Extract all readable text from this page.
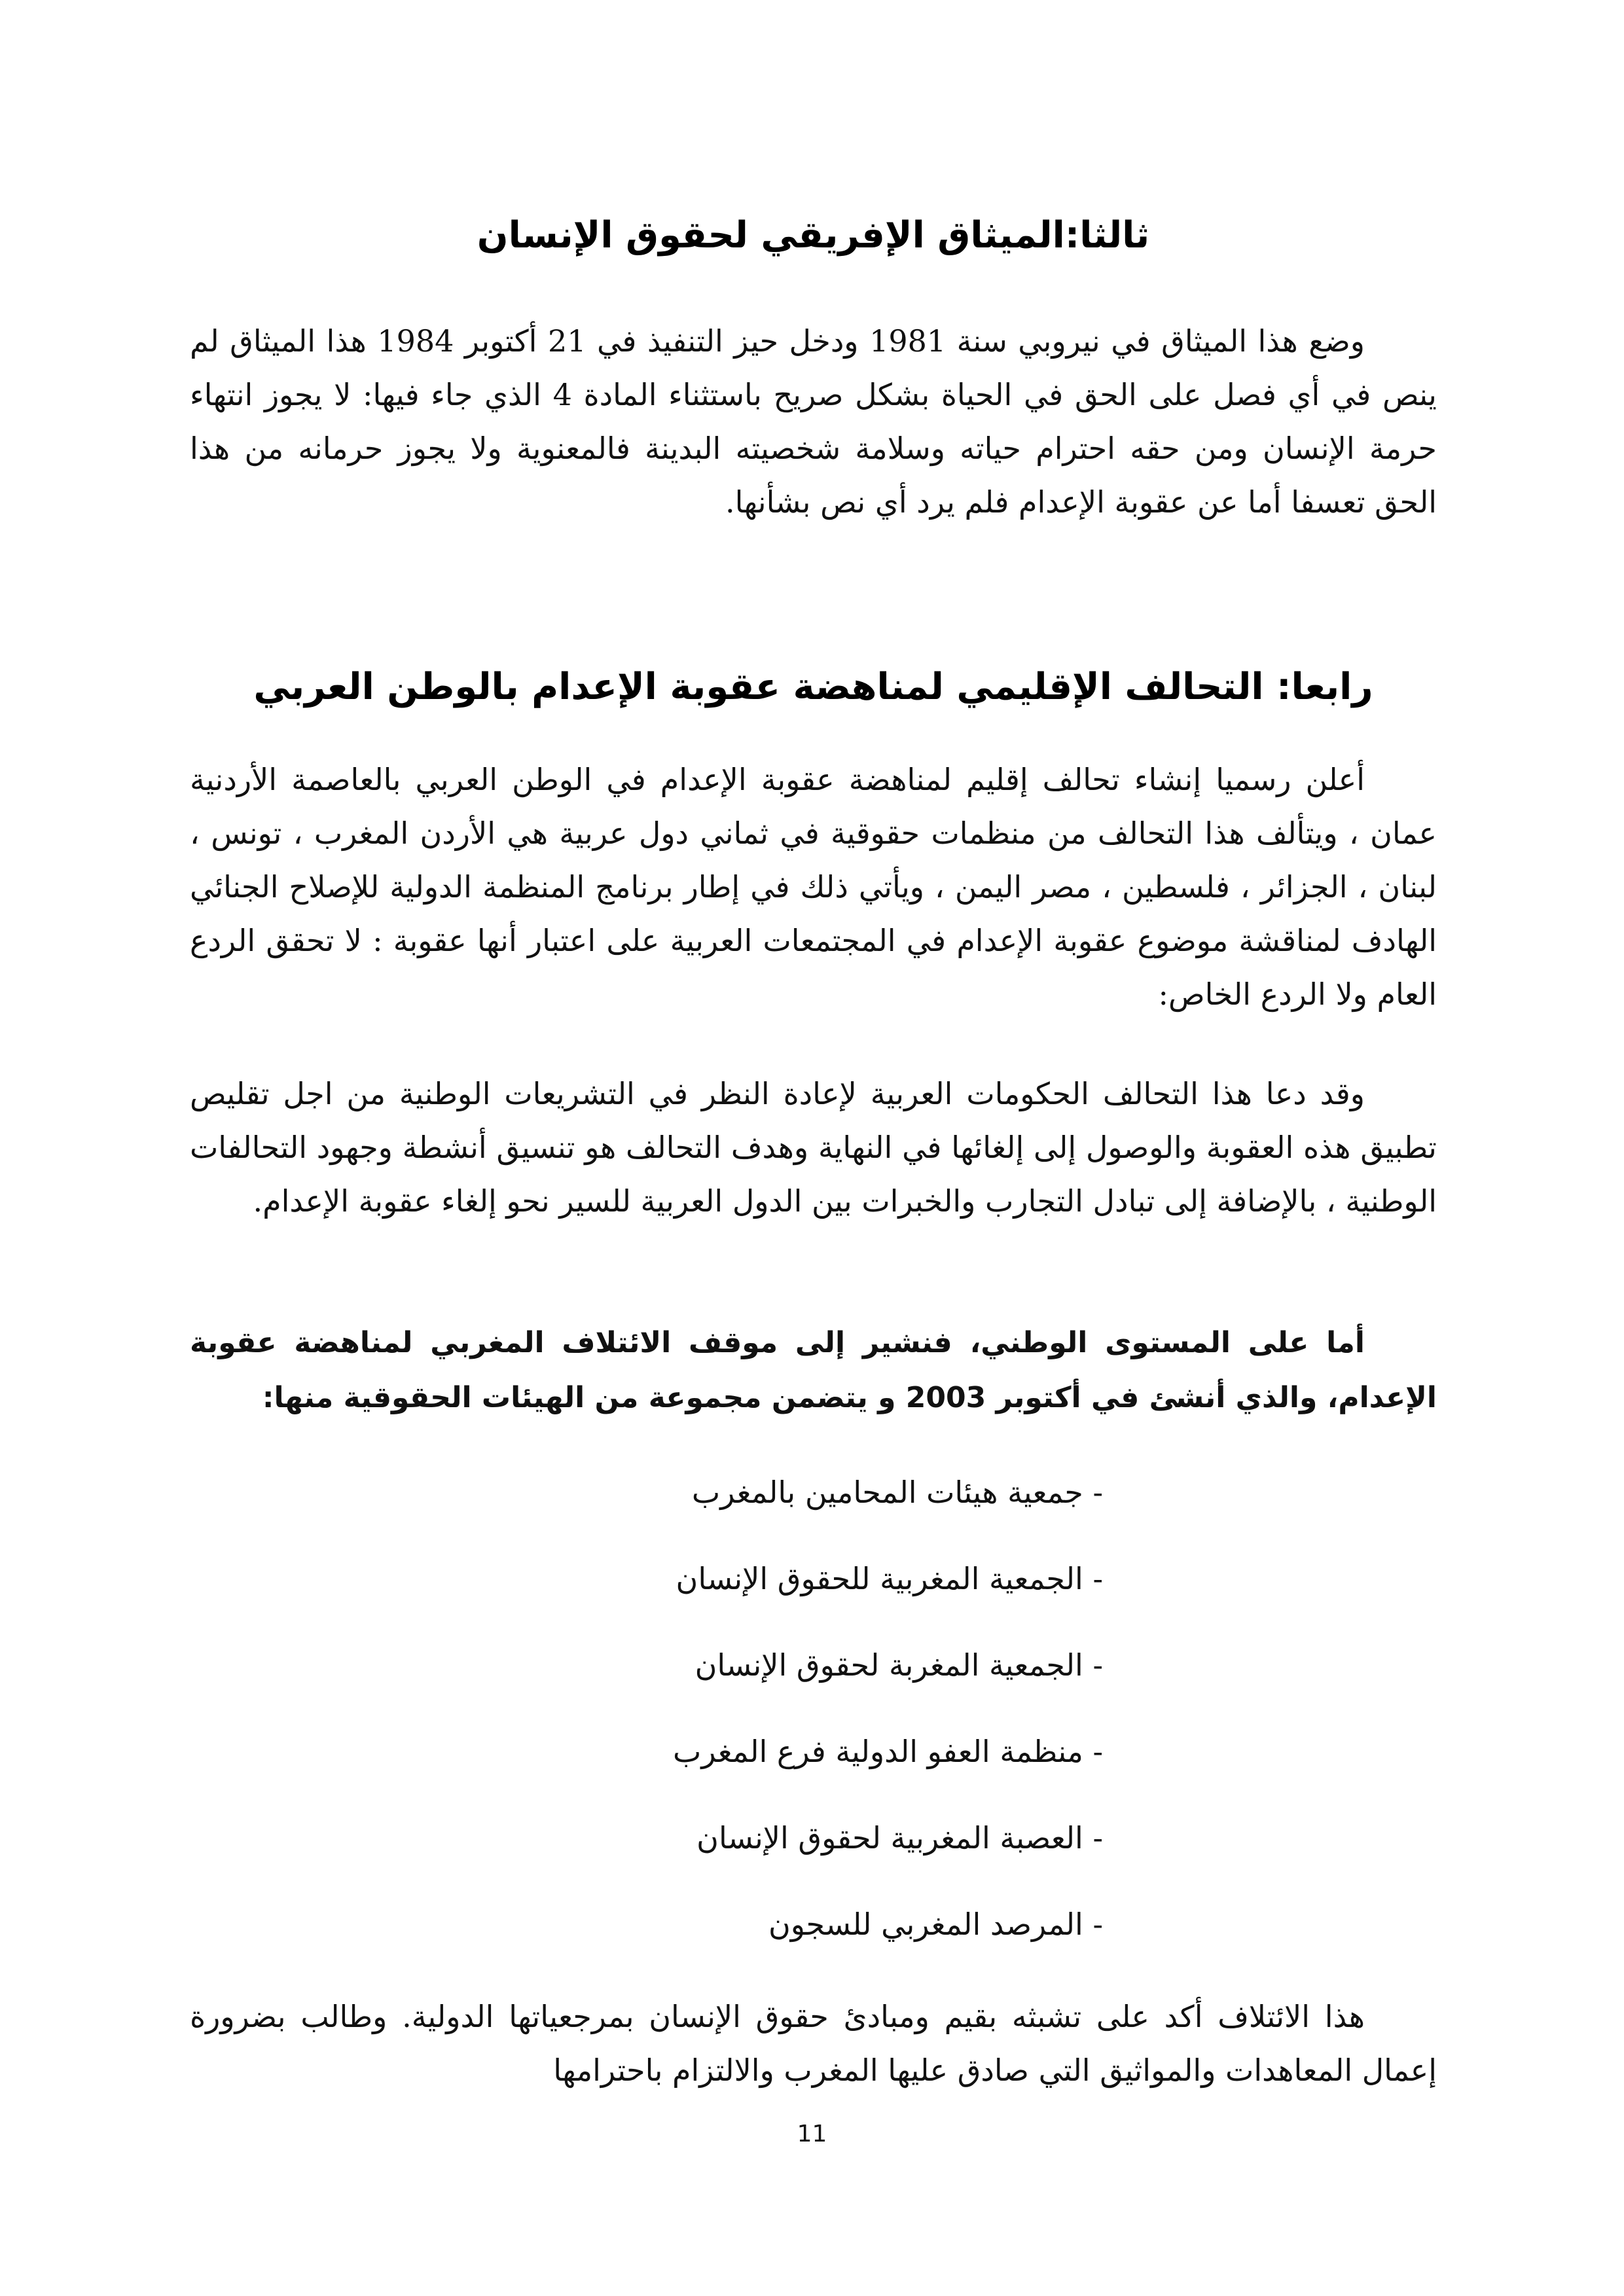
ثالثا:الميثاق الإفريقي لحقوق الإنسان
وضع هذا الميثاق في نيروبي سنة 1981 ودخل حيز التنفيذ في 21 أكتوبر 1984 هذا الميثاق لم ينص في أي فصل على الحق في الحياة بشكل صريح باستثناء المادة 4 الذي جاء فيها: لا يجوز انتهاء حرمة الإنسان ومن حقه احترام حياته وسلامة شخصيته البدينة فالمعنوية ولا يجوز حرمانه من هذا الحق تعسفا أما عن عقوبة الإعدام فلم يرد أي نص بشأنها.
رابعا: التحالف الإقليمي لمناهضة عقوبة الإعدام بالوطن العربي
أعلن رسميا إنشاء تحالف إقليم لمناهضة عقوبة الإعدام في الوطن العربي بالعاصمة الأردنية عمان ، ويتألف هذا التحالف من منظمات حقوقية في ثماني دول عربية هي الأردن المغرب ، تونس ، لبنان ، الجزائر ، فلسطين ، مصر اليمن ، ويأتي ذلك في إطار برنامج المنظمة الدولية للإصلاح الجنائي الهادف لمناقشة موضوع عقوبة الإعدام في المجتمعات العربية على اعتبار أنها عقوبة : لا تحقق الردع العام ولا الردع الخاص:
وقد دعا هذا التحالف الحكومات العربية لإعادة النظر في التشريعات الوطنية من اجل تقليص تطبيق هذه العقوبة والوصول إلى إلغائها في النهاية وهدف التحالف هو تنسيق أنشطة وجهود التحالفات الوطنية ، بالإضافة إلى تبادل التجارب والخبرات بين الدول العربية للسير نحو إلغاء عقوبة الإعدام.
أما على المستوى الوطني، فنشير إلى موقف الائتلاف المغربي لمناهضة عقوبة الإعدام، والذي أنشئ في أكتوبر 2003 و يتضمن مجموعة من الهيئات الحقوقية منها:
- جمعية هيئات المحامين بالمغرب
- الجمعية المغربية للحقوق الإنسان
- الجمعية المغربة لحقوق الإنسان
- منظمة العفو الدولية فرع المغرب
- العصبة المغربية لحقوق الإنسان
- المرصد المغربي للسجون
هذا الائتلاف أكد على تشبثه بقيم ومبادئ حقوق الإنسان بمرجعياتها الدولية. وطالب بضرورة إعمال المعاهدات والمواثيق التي صادق عليها المغرب والالتزام باحترامها
11
